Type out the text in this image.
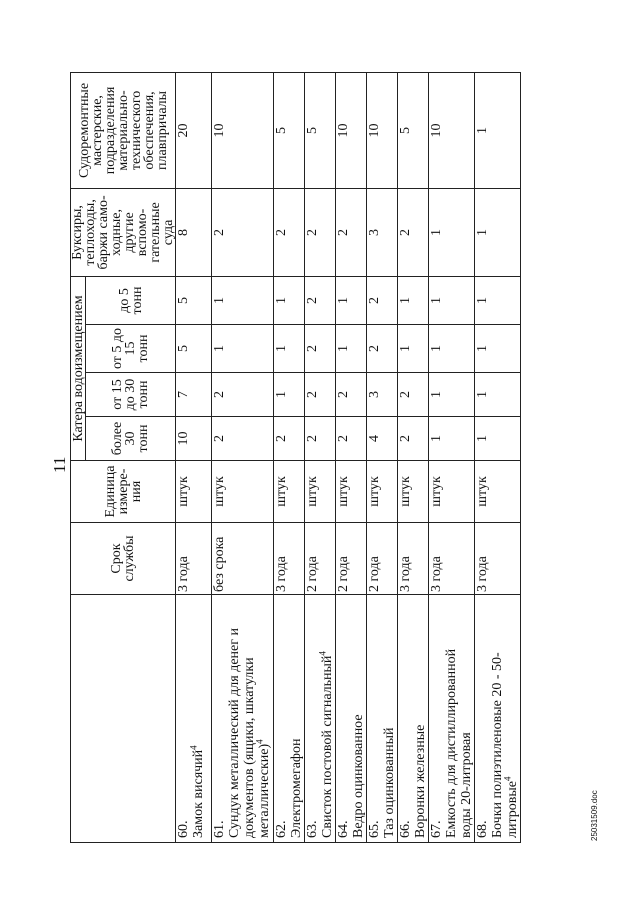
11
	Срок службы	Единица измере-ния	Катера водоизмещением				Буксиры, теплоходы, баржи само-ходные, другие вспомо-гательные суда	Судоремонтные мастерские, подразделения материально-технического обеспечения, плавпричалы
			более 30 тонн	от 15 до 30 тонн	от 5 до 15 тонн	до 5 тонн		
60.Замок висячий$^4$	3 года	штук	10	7	5	5	8	20
61.Сундук металлический для денег и документов (ящики, шкатулки металлические)$^4$	без срока	штук	2	2	1	1	2	10
62.Электромегафон	3 года	штук	2	1	1	1	2	5
63.Свисток постовой сигнальный$^4$	2 года	штук	2	2	2	2	2	5
64.Ведро оцинкованное	2 года	штук	2	2	1	1	2	10
65.Таз оцинкованный	2 года	штук	4	3	2	2	3	10
66.Воронки железные	3 года	штук	2	2	1	1	2	5
67.Емкость для дистиллированной воды 20-литровая	3 года	штук	1	1	1	1	1	10
68.Бочки полиэтиленовые 20 - 50-литровые$^4$	3 года	штук	1	1	1	1	1	1
25031509.doc
